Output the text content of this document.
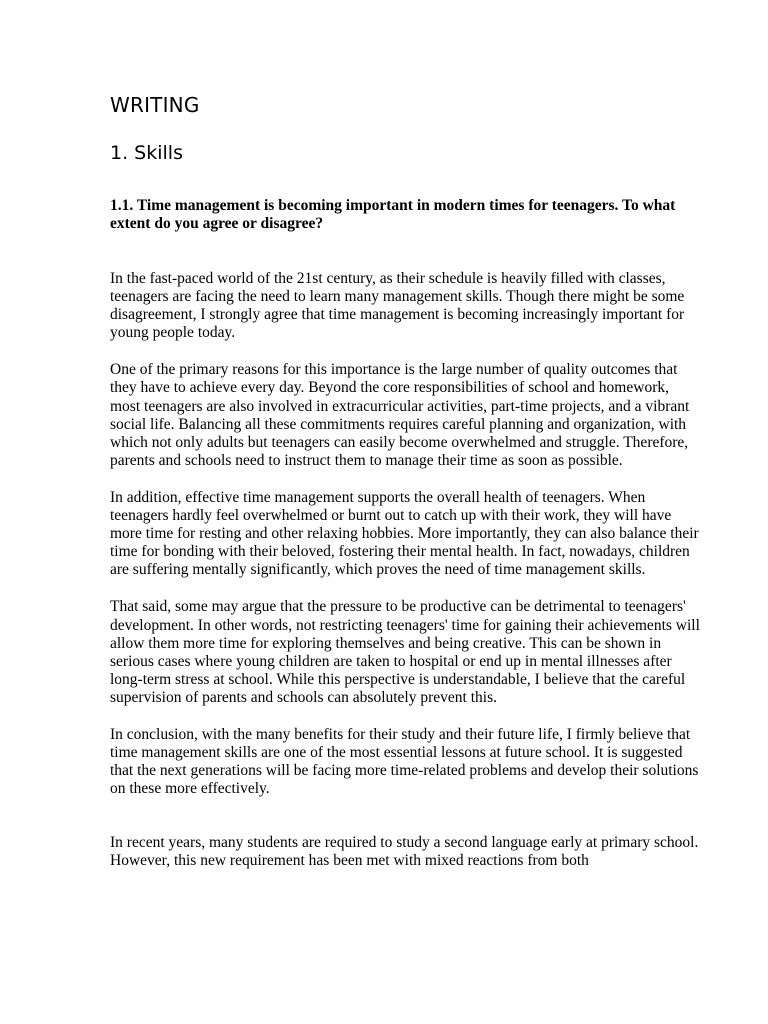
WRITING
1. Skills

1.1. Time management is becoming important in modern times for teenagers. To what extent do you agree or disagree?

In the fast-paced world of the 21st century, as their schedule is heavily filled with classes, teenagers are facing the need to learn many management skills. Though there might be some disagreement, I strongly agree that time management is becoming increasingly important for young people today.

One of the primary reasons for this importance is the large number of quality outcomes that they have to achieve every day. Beyond the core responsibilities of school and homework, most teenagers are also involved in extracurricular activities, part-time projects, and a vibrant social life. Balancing all these commitments requires careful planning and organization, with which not only adults but teenagers can easily become overwhelmed and struggle. Therefore, parents and schools need to instruct them to manage their time as soon as possible.

In addition, effective time management supports the overall health of teenagers. When teenagers hardly feel overwhelmed or burnt out to catch up with their work, they will have more time for resting and other relaxing hobbies. More importantly, they can also balance their time for bonding with their beloved, fostering their mental health. In fact, nowadays, children are suffering mentally significantly, which proves the need of time management skills.

That said, some may argue that the pressure to be productive can be detrimental to teenagers' development. In other words, not restricting teenagers' time for gaining their achievements will allow them more time for exploring themselves and being creative. This can be shown in serious cases where young children are taken to hospital or end up in mental illnesses after long-term stress at school. While this perspective is understandable, I believe that the careful supervision of parents and schools can absolutely prevent this.

In conclusion, with the many benefits for their study and their future life, I firmly believe that time management skills are one of the most essential lessons at future school. It is suggested that the next generations will be facing more time-related problems and develop their solutions on these more effectively.

In recent years, many students are required to study a second language early at primary school. However, this new requirement has been met with mixed reactions from both
